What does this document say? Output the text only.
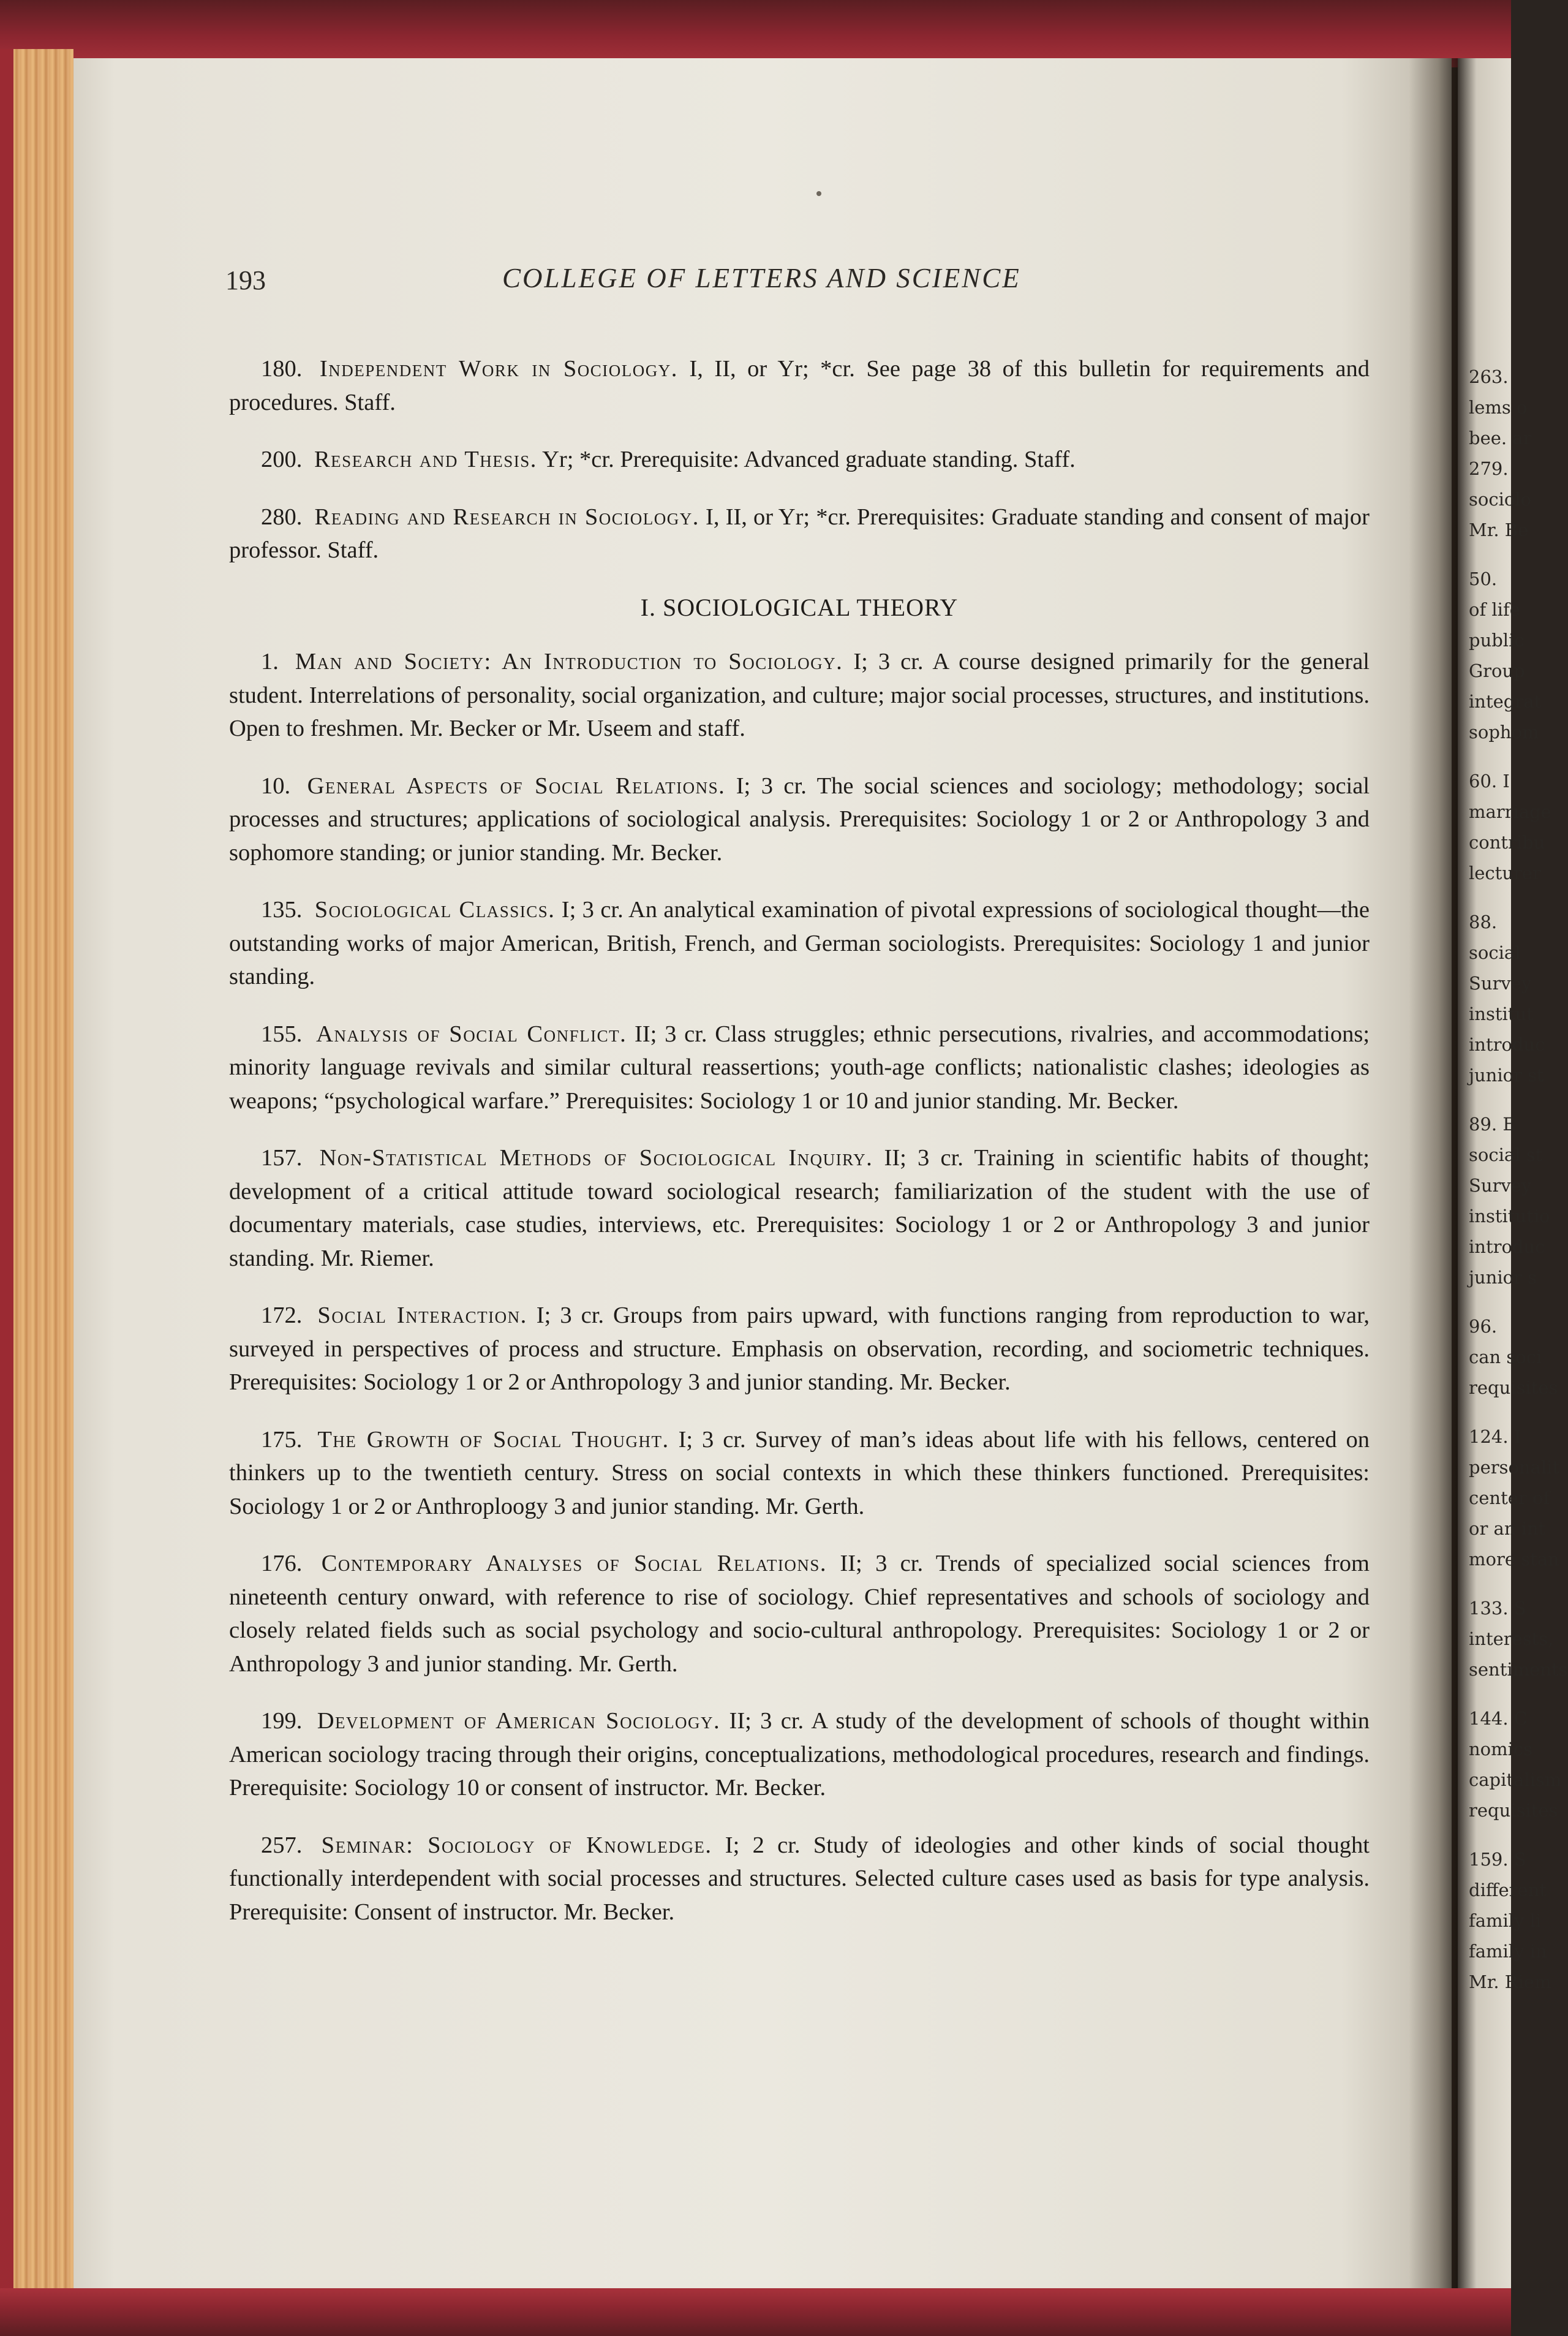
263.
lems o
bee. ar
279.
sociolo
Mr. Be
50.
of life
public
Group
integrat
sophom
60. I
marriage
contribu
lecturer
88.
social
Survey
institut
introduc
junior st
89. E
social st
Survey
institutio
introduc
junior s
96.
can soci
requisites
124. I
personalit
center of
or an int
more stan
133. S
interests,
sentiments
144. C
nomics
capitalism
requisites
159. S
different
family li
family in
Mr. Riem
193	COLLEGE OF LETTERS AND SCIENCE

180. Independent Work in Sociology. I, II, or Yr; *cr. See page 38 of this bulletin for requirements and procedures. Staff.

200. Research and Thesis. Yr; *cr. Prerequisite: Advanced graduate standing. Staff.

280. Reading and Research in Sociology. I, II, or Yr; *cr. Prerequisites: Graduate standing and consent of major professor. Staff.

I. SOCIOLOGICAL THEORY

1. Man and Society: An Introduction to Sociology. I; 3 cr. A course designed primarily for the general student. Interrelations of personality, social organization, and culture; major social processes, structures, and institutions. Open to freshmen. Mr. Becker or Mr. Useem and staff.

10. General Aspects of Social Relations. I; 3 cr. The social sciences and sociology; methodology; social processes and structures; applications of sociological analysis. Prerequisites: Sociology 1 or 2 or Anthropology 3 and sophomore standing; or junior standing. Mr. Becker.

135. Sociological Classics. I; 3 cr. An analytical examination of pivotal expressions of sociological thought—the outstanding works of major American, British, French, and German sociologists. Prerequisites: Sociology 1 and junior standing.

155. Analysis of Social Conflict. II; 3 cr. Class struggles; ethnic persecutions, rivalries, and accommodations; minority language revivals and similar cultural reassertions; youth-age conflicts; nationalistic clashes; ideologies as weapons; “psychological warfare.” Prerequisites: Sociology 1 or 10 and junior standing. Mr. Becker.

157. Non-Statistical Methods of Sociological Inquiry. II; 3 cr. Training in scientific habits of thought; development of a critical attitude toward sociological research; familiarization of the student with the use of documentary materials, case studies, interviews, etc. Prerequisites: Sociology 1 or 2 or Anthropology 3 and junior standing. Mr. Riemer.

172. Social Interaction. I; 3 cr. Groups from pairs upward, with functions ranging from reproduction to war, surveyed in perspectives of process and structure. Emphasis on observation, recording, and sociometric techniques. Prerequisites: Sociology 1 or 2 or Anthropology 3 and junior standing. Mr. Becker.

175. The Growth of Social Thought. I; 3 cr. Survey of man’s ideas about life with his fellows, centered on thinkers up to the twentieth century. Stress on social contexts in which these thinkers functioned. Prerequisites: Sociology 1 or 2 or Anthroploogy 3 and junior standing. Mr. Gerth.

176. Contemporary Analyses of Social Relations. II; 3 cr. Trends of specialized social sciences from nineteenth century onward, with reference to rise of sociology. Chief representatives and schools of sociology and closely related fields such as social psychology and socio-cultural anthropology. Prerequisites: Sociology 1 or 2 or Anthropology 3 and junior standing. Mr. Gerth.

199. Development of American Sociology. II; 3 cr. A study of the development of schools of thought within American sociology tracing through their origins, conceptualizations, methodological procedures, research and findings. Prerequisite: Sociology 10 or consent of instructor. Mr. Becker.

257. Seminar: Sociology of Knowledge. I; 2 cr. Study of ideologies and other kinds of social thought functionally interdependent with social processes and structures. Selected culture cases used as basis for type analysis. Prerequisite: Consent of instructor. Mr. Becker.
